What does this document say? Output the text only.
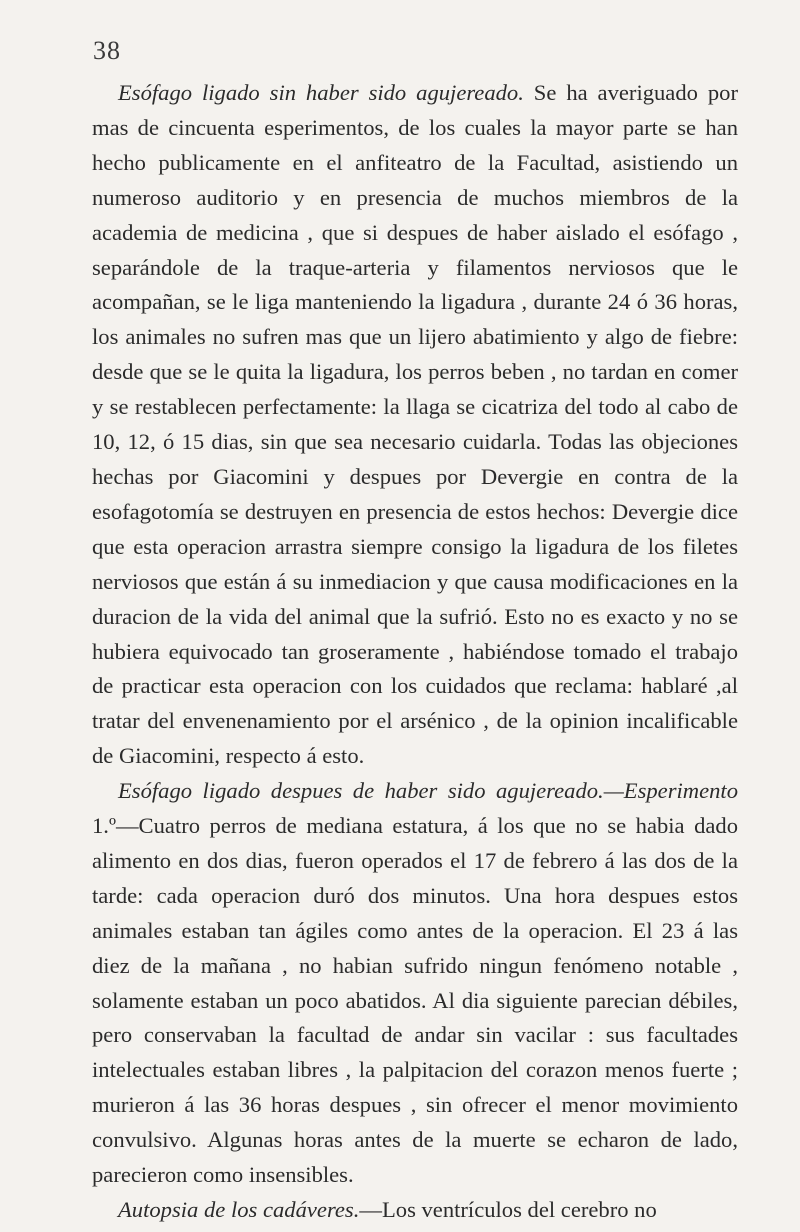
38

Esófago ligado sin haber sido agujereado. Se ha averiguado por mas de cincuenta esperimentos, de los cuales la mayor parte se han hecho publicamente en el anfiteatro de la Facultad, asistiendo un numeroso auditorio y en presencia de muchos miembros de la academia de medicina , que si despues de haber aislado el esófago , separándole de la traque-arteria y filamentos nerviosos que le acompañan, se le liga manteniendo la ligadura , durante 24 ó 36 horas, los animales no sufren mas que un lijero abatimiento y algo de fiebre: desde que se le quita la ligadura, los perros beben , no tardan en comer y se restablecen perfectamente: la llaga se cicatriza del todo al cabo de 10, 12, ó 15 dias, sin que sea necesario cuidarla. Todas las objeciones hechas por Giacomini y despues por Devergie en contra de la esofagotomía se destruyen en presencia de estos hechos: Devergie dice que esta operacion arrastra siempre consigo la ligadura de los filetes nerviosos que están á su inmediacion y que causa modificaciones en la duracion de la vida del animal que la sufrió. Esto no es exacto y no se hubiera equivocado tan groseramente , habiéndose tomado el trabajo de practicar esta operacion con los cuidados que reclama: hablaré ,al tratar del envenenamiento por el arsénico , de la opinion incalificable de Giacomini, respecto á esto.

Esófago ligado despues de haber sido agujereado.—Esperimento 1.º—Cuatro perros de mediana estatura, á los que no se habia dado alimento en dos dias, fueron operados el 17 de febrero á las dos de la tarde: cada operacion duró dos minutos. Una hora despues estos animales estaban tan ágiles como antes de la operacion. El 23 á las diez de la mañana , no habian sufrido ningun fenómeno notable , solamente estaban un poco abatidos. Al dia siguiente parecian débiles, pero conservaban la facultad de andar sin vacilar : sus facultades intelectuales estaban libres , la palpitacion del corazon menos fuerte ; murieron á las 36 horas despues , sin ofrecer el menor movimiento convulsivo. Algunas horas antes de la muerte se echaron de lado, parecieron como insensibles.

Autopsia de los cadáveres.—Los ventrículos del cerebro no
